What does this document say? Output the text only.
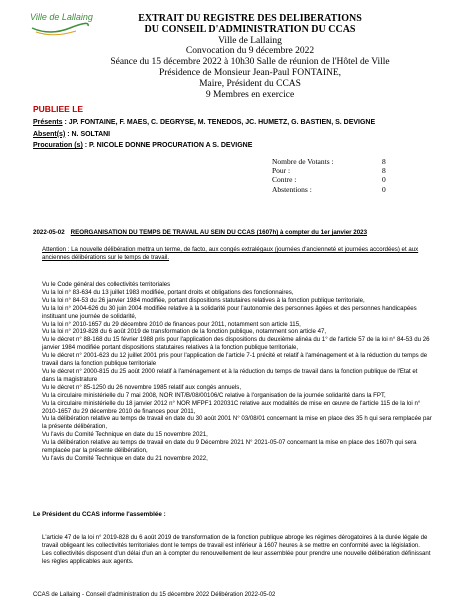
Ville de Lallaing	EXTRAIT DU REGISTRE DES DELIBERATIONS
DU CONSEIL D'ADMINISTRATION DU CCAS
Ville de Lallaing
Convocation du 9 décembre 2022
Séance du 15 décembre 2022 à 10h30 Salle de réunion de l'Hôtel de Ville
Présidence de Monsieur Jean-Paul FONTAINE,
Maire, Président du CCAS
9 Membres en exercice
PUBLIEE LE
Présents : JP. FONTAINE, F. MAES, C. DEGRYSE, M. TENEDOS, JC. HUMETZ, G. BASTIEN, S. DEVIGNE
Absent(s) : N. SOLTANI
Procuration (s) : P. NICOLE DONNE PROCURATION A S. DEVIGNE
Nombre de Votants :	8
Pour :	8
Contre :	0
Abstentions :	0
2022-05-02 REORGANISATION DU TEMPS DE TRAVAIL AU SEIN DU CCAS (1607h) à compter du 1er janvier 2023
Attention : La nouvelle délibération mettra un terme, de facto, aux congés extralégaux (journées d'ancienneté et journées accordées) et aux anciennes délibérations sur le temps de travail.

Vu le Code général des collectivités territoriales

Vu la loi n° 83-634 du 13 juillet 1983 modifiée, portant droits et obligations des fonctionnaires,

Vu la loi n° 84-53 du 26 janvier 1984 modifiée, portant dispositions statutaires relatives à la fonction publique territoriale,

Vu la loi n° 2004-626 du 30 juin 2004 modifiée relative à la solidarité pour l'autonomie des personnes âgées et des personnes handicapées instituant une journée de solidarité,

Vu la loi n° 2010-1657 du 29 décembre 2010 de finances pour 2011, notamment son article 115,

Vu la loi n° 2019-828 du 6 août 2019 de transformation de la fonction publique, notamment son article 47,

Vu le décret n° 88-168 du 15 février 1988 pris pour l'application des dispositions du deuxième alinéa du 1° de l'article 57 de la loi n° 84-53 du 26 janvier 1984 modifiée portant dispositions statutaires relatives à la fonction publique territoriale,

Vu le décret n° 2001-623 du 12 juillet 2001 pris pour l'application de l'article 7-1 précité et relatif à l'aménagement et à la réduction du temps de travail dans la fonction publique territoriale

Vu le décret n° 2000-815 du 25 août 2000 relatif à l'aménagement et à la réduction du temps de travail dans la fonction publique de l'Etat et dans la magistrature

Vu le décret n° 85-1250 du 26 novembre 1985 relatif aux congés annuels,

Vu la circulaire ministérielle du 7 mai 2008, NOR INT/B/08/00106/C relative à l'organisation de la journée solidarité dans la FPT,

Vu la circulaire ministérielle du 18 janvier 2012 n° NOR MFPF1 202031C relative aux modalités de mise en œuvre de l'article 115 de la loi n° 2010-1657 du 29 décembre 2010 de finances pour 2011,

Vu la délibération relative au temps de travail en date du 30 août 2001 N° 03/08/01 concernant la mise en place des 35 h qui sera remplacée par la présente délibération,

Vu l'avis du Comité Technique en date du 15 novembre 2021,

Vu la délibération relative au temps de travail en date du 9 Décembre 2021 N° 2021-05-07 concernant la mise en place des 1607h qui sera remplacée par la présente délibération,

Vu l'avis du Comité Technique en date du 21 novembre 2022,

Le Président du CCAS informe l'assemblée :

L'article 47 de la loi n° 2019-828 du 6 août 2019 de transformation de la fonction publique abroge les régimes dérogatoires à la durée légale de travail obligeant les collectivités territoriales dont le temps de travail est inférieur à 1607 heures à se mettre en conformité avec la législation.

Les collectivités disposent d'un délai d'un an à compter du renouvellement de leur assemblée pour prendre une nouvelle délibération définissant les règles applicables aux agents.

CCAS de Lallaing - Conseil d'administration du 15 décembre 2022 Délibération 2022-05-02
